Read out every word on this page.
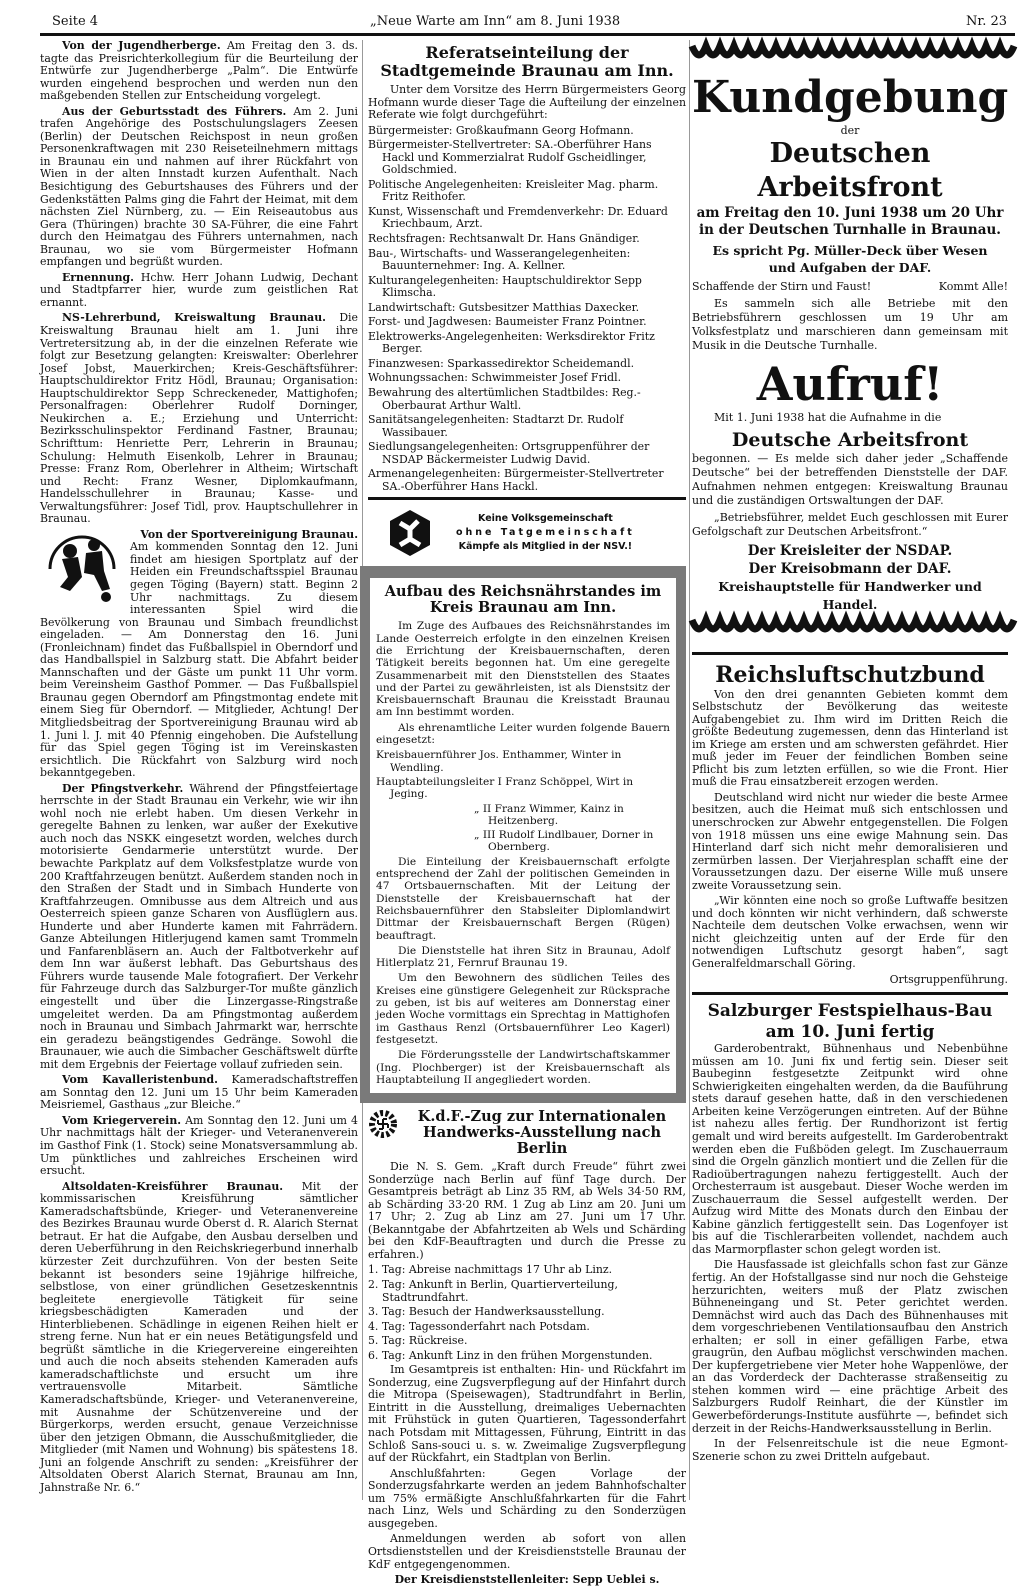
Seite 4	„Neue Warte am Inn“ am 8. Juni 1938	Nr. 23

Von der Jugendherberge. Am Freitag den 3. ds. tagte das Preisrichterkollegium für die Beurteilung der Entwürfe zur Jugendherberge „Palm“. Die Entwürfe wurden eingehend besprochen und werden nun den maßgebenden Stellen zur Entscheidung vorgelegt.

Aus der Geburtsstadt des Führers. Am 2. Juni trafen Angehörige des Postschulungslagers Zeesen (Berlin) der Deutschen Reichspost in neun großen Personenkraftwagen mit 230 Reiseteilnehmern mittags in Braunau ein und nahmen auf ihrer Rückfahrt von Wien in der alten Innstadt kurzen Aufenthalt. Nach Besichtigung des Geburtshauses des Führers und der Gedenkstätten Palms ging die Fahrt der Heimat, mit dem nächsten Ziel Nürnberg, zu. — Ein Reiseautobus aus Gera (Thüringen) brachte 30 SA-Führer, die eine Fahrt durch den Heimatgau des Führers unternahmen, nach Braunau, wo sie vom Bürgermeister Hofmann empfangen und begrüßt wurden.

Ernennung. Hchw. Herr Johann Ludwig, Dechant und Stadtpfarrer hier, wurde zum geistlichen Rat ernannt.

NS-Lehrerbund, Kreiswaltung Braunau. Die Kreiswaltung Braunau hielt am 1. Juni ihre Vertretersitzung ab, in der die einzelnen Referate wie folgt zur Besetzung gelangten: Kreiswalter: Oberlehrer Josef Jobst, Mauerkirchen; Kreis-Geschäftsführer: Hauptschuldirektor Fritz Hödl, Braunau; Organisation: Hauptschuldirektor Sepp Schreckeneder, Mattighofen; Personalfragen: Oberlehrer Rudolf Dorninger, Neukirchen a. E.; Erziehung und Unterricht: Bezirksschulinspektor Ferdinand Fastner, Braunau; Schrifttum: Henriette Perr, Lehrerin in Braunau; Schulung: Helmuth Eisenkolb, Lehrer in Braunau; Presse: Franz Rom, Oberlehrer in Altheim; Wirtschaft und Recht: Franz Wesner, Diplomkaufmann, Handelsschullehrer in Braunau; Kasse- und Verwaltungsführer: Josef Tidl, prov. Hauptschullehrer in Braunau.

Von der Sportvereinigung Braunau.

Am kommenden Sonntag den 12. Juni findet am hiesigen Sportplatz auf der Heiden ein Freundschaftsspiel Braunau gegen Töging (Bayern) statt. Beginn 2 Uhr nachmittags. Zu diesem interessanten Spiel wird die Bevölkerung von Braunau und Simbach freundlichst eingeladen. — Am Donnerstag den 16. Juni (Fronleichnam) findet das Fußballspiel in Oberndorf und das Handballspiel in Salzburg statt. Die Abfahrt beider Mannschaften und der Gäste um punkt 11 Uhr vorm. beim Vereinsheim Gasthof Pommer. — Das Fußballspiel Braunau gegen Oberndorf am Pfingstmontag endete mit einem Sieg für Oberndorf. — Mitglieder, Achtung! Der Mitgliedsbeitrag der Sportvereinigung Braunau wird ab 1. Juni l. J. mit 40 Pfennig eingehoben. Die Aufstellung für das Spiel gegen Töging ist im Vereinskasten ersichtlich. Die Rückfahrt von Salzburg wird noch bekanntgegeben.

Der Pfingstverkehr. Während der Pfingstfeiertage herrschte in der Stadt Braunau ein Verkehr, wie wir ihn wohl noch nie erlebt haben. Um diesen Verkehr in geregelte Bahnen zu lenken, war außer der Exekutive auch noch das NSKK eingesetzt worden, welches durch motorisierte Gendarmerie unterstützt wurde. Der bewachte Parkplatz auf dem Volksfestplatze wurde von 200 Kraftfahrzeugen benützt. Außerdem standen noch in den Straßen der Stadt und in Simbach Hunderte von Kraftfahrzeugen. Omnibusse aus dem Altreich und aus Oesterreich spieen ganze Scharen von Ausflüglern aus. Hunderte und aber Hunderte kamen mit Fahrrädern. Ganze Abteilungen Hitlerjugend kamen samt Trommeln und Fanfarenbläsern an. Auch der Faltbotverkehr auf dem Inn war äußerst lebhaft. Das Geburtshaus des Führers wurde tausende Male fotografiert. Der Verkehr für Fahrzeuge durch das Salzburger-Tor mußte gänzlich eingestellt und über die Linzergasse-Ringstraße umgeleitet werden. Da am Pfingstmontag außerdem noch in Braunau und Simbach Jahrmarkt war, herrschte ein geradezu beängstigendes Gedränge. Sowohl die Braunauer, wie auch die Simbacher Geschäftswelt dürfte mit dem Ergebnis der Feiertage vollauf zufrieden sein.

Vom Kavalleristenbund. Kameradschaftstreffen am Sonntag den 12. Juni um 15 Uhr beim Kameraden Meisriemel, Gasthaus „zur Bleiche.“

Vom Kriegerverein. Am Sonntag den 12. Juni um 4 Uhr nachmittags hält der Krieger- und Veteranenverein im Gasthof Fink (1. Stock) seine Monatsversammlung ab. Um pünktliches und zahlreiches Erscheinen wird ersucht.

Altsoldaten-Kreisführer Braunau. Mit der kommissarischen Kreisführung sämtlicher Kameradschaftsbünde, Krieger- und Veteranenvereine des Bezirkes Braunau wurde Oberst d. R. Alarich Sternat betraut. Er hat die Aufgabe, den Ausbau derselben und deren Ueberführung in den Reichskriegerbund innerhalb kürzester Zeit durchzuführen. Von der besten Seite bekannt ist besonders seine 19jährige hilfreiche, selbstlose, von einer gründlichen Gesetzeskenntnis begleitete energievolle Tätigkeit für seine kriegsbeschädigten Kameraden und der Hinterbliebenen. Schädlinge in eigenen Reihen hielt er streng ferne. Nun hat er ein neues Betätigungsfeld und begrüßt sämtliche in die Kriegervereine eingereihten und auch die noch abseits stehenden Kameraden aufs kameradschaftlichste und ersucht um ihre vertrauensvolle Mitarbeit. Sämtliche Kameradschaftsbünde, Krieger- und Veteranenvereine, mit Ausnahme der Schützenvereine und der Bürgerkorps, werden ersucht, genaue Verzeichnisse über den jetzigen Obmann, die Ausschußmitglieder, die Mitglieder (mit Namen und Wohnung) bis spätestens 18. Juni an folgende Anschrift zu senden: „Kreisführer der Altsoldaten Oberst Alarich Sternat, Braunau am Inn, Jahnstraße Nr. 6.“

Referatseinteilung der Stadtgemeinde Braunau am Inn.

Unter dem Vorsitze des Herrn Bürgermeisters Georg Hofmann wurde dieser Tage die Aufteilung der einzelnen Referate wie folgt durchgeführt:

Bürgermeister: Großkaufmann Georg Hofmann.

Bürgermeister-Stellvertreter: SA.-Oberführer Hans Hackl und Kommerzialrat Rudolf Gscheidlinger, Goldschmied.

Politische Angelegenheiten: Kreisleiter Mag. pharm. Fritz Reithofer.

Kunst, Wissenschaft und Fremdenverkehr: Dr. Eduard Kriechbaum, Arzt.

Rechtsfragen: Rechtsanwalt Dr. Hans Gnändiger.

Bau-, Wirtschafts- und Wasserangelegenheiten: Bauunternehmer: Ing. A. Kellner.

Kulturangelegenheiten: Hauptschuldirektor Sepp Klimscha.

Landwirtschaft: Gutsbesitzer Matthias Daxecker.

Forst- und Jagdwesen: Baumeister Franz Pointner.

Elektrowerks-Angelegenheiten: Werksdirektor Fritz Berger.

Finanzwesen: Sparkassedirektor Scheidemandl.

Wohnungssachen: Schwimmeister Josef Fridl.

Bewahrung des altertümlichen Stadtbildes: Reg.-Oberbaurat Arthur Waltl.

Sanitätsangelegenheiten: Stadtarzt Dr. Rudolf Wassibauer.

Siedlungsangelegenheiten: Ortsgruppenführer der NSDAP Bäckermeister Ludwig David.

Armenangelegenheiten: Bürgermeister-Stellvertreter SA.-Oberführer Hans Hackl.

Keine Volksgemeinschaft
ohne Tatgemeinschaft
Kämpfe als Mitglied in der NSV.!
Aufbau des Reichsnährstandes im Kreis Braunau am Inn.

Im Zuge des Aufbaues des Reichsnährstandes im Lande Oesterreich erfolgte in den einzelnen Kreisen die Errichtung der Kreisbauernschaften, deren Tätigkeit bereits begonnen hat. Um eine geregelte Zusammenarbeit mit den Dienststellen des Staates und der Partei zu gewährleisten, ist als Dienstsitz der Kreisbauernschaft Braunau die Kreisstadt Braunau am Inn bestimmt worden.

Als ehrenamtliche Leiter wurden folgende Bauern eingesetzt:

Kreisbauernführer Jos. Enthammer, Winter in Wendling.

Hauptabteilungsleiter I Franz Schöppel, Wirt in Jeging.

„ II Franz Wimmer, Kainz in Heitzenberg.

„ III Rudolf Lindlbauer, Dorner in Obernberg.

Die Einteilung der Kreisbauernschaft erfolgte entsprechend der Zahl der politischen Gemeinden in 47 Ortsbauernschaften. Mit der Leitung der Dienststelle der Kreisbauernschaft hat der Reichsbauernführer den Stabsleiter Diplomlandwirt Dittmar der Kreisbauernschaft Bergen (Rügen) beauftragt.

Die Dienststelle hat ihren Sitz in Braunau, Adolf Hitlerplatz 21, Fernruf Braunau 19.

Um den Bewohnern des südlichen Teiles des Kreises eine günstigere Gelegenheit zur Rücksprache zu geben, ist bis auf weiteres am Donnerstag einer jeden Woche vormittags ein Sprechtag in Mattighofen im Gasthaus Renzl (Ortsbauernführer Leo Kagerl) festgesetzt.

Die Förderungsstelle der Landwirtschaftskammer (Ing. Plochberger) ist der Kreisbauernschaft als Hauptabteilung II angegliedert worden.

K.d.F.-Zug zur Internationalen Handwerks-Ausstellung nach Berlin

Die N. S. Gem. „Kraft durch Freude“ führt zwei Sonderzüge nach Berlin auf fünf Tage durch. Der Gesamtpreis beträgt ab Linz 35 RM, ab Wels 34·50 RM, ab Schärding 33·20 RM. 1 Zug ab Linz am 20. Juni um 17 Uhr; 2. Zug ab Linz am 27. Juni um 17 Uhr. (Bekanntgabe der Abfahrtzeiten ab Wels und Schärding bei den KdF-Beauftragten und durch die Presse zu erfahren.)

1. Tag: Abreise nachmittags 17 Uhr ab Linz.

2. Tag: Ankunft in Berlin, Quartierverteilung, Stadtrundfahrt.

3. Tag: Besuch der Handwerksausstellung.

4. Tag: Tagessonderfahrt nach Potsdam.

5. Tag: Rückreise.

6. Tag: Ankunft Linz in den frühen Morgenstunden.

Im Gesamtpreis ist enthalten: Hin- und Rückfahrt im Sonderzug, eine Zugsverpflegung auf der Hinfahrt durch die Mitropa (Speisewagen), Stadtrundfahrt in Berlin, Eintritt in die Ausstellung, dreimaliges Uebernachten mit Frühstück in guten Quartieren, Tagessonderfahrt nach Potsdam mit Mittagessen, Führung, Eintritt in das Schloß Sans-souci u. s. w. Zweimalige Zugsverpflegung auf der Rückfahrt, ein Stadtplan von Berlin.

Anschlußfahrten: Gegen Vorlage der Sonderzugsfahrkarte werden an jedem Bahnhofschalter um 75% ermäßigte Anschlußfahrkarten für die Fahrt nach Linz, Wels und Schärding zu den Sonderzügen ausgegeben.

Anmeldungen werden ab sofort von allen Ortsdienststellen und der Kreisdienststelle Braunau der KdF entgegengenommen.

Der Kreisdienststellenleiter: Sepp Ueblei s.

Kundgebung
der
Deutschen Arbeitsfront
am Freitag den 10. Juni 1938 um 20 Uhr in der Deutschen Turnhalle in Braunau.
Es spricht Pg. Müller-Deck über Wesen und Aufgaben der DAF.
Schaffende der Stirn und Faust!	Kommt Alle!

Es sammeln sich alle Betriebe mit den Betriebsführern geschlossen um 19 Uhr am Volksfestplatz und marschieren dann gemeinsam mit Musik in die Deutsche Turnhalle.

Aufruf!

Mit 1. Juni 1938 hat die Aufnahme in die

Deutsche Arbeitsfront

begonnen. — Es melde sich daher jeder „Schaffende Deutsche“ bei der betreffenden Dienststelle der DAF. Aufnahmen nehmen entgegen: Kreiswaltung Braunau und die zuständigen Ortswaltungen der DAF.

„Betriebsführer, meldet Euch geschlossen mit Eurer Gefolgschaft zur Deutschen Arbeitsfront.“

Der Kreisleiter der NSDAP.
Der Kreisobmann der DAF.
Kreishauptstelle für Handwerker und Handel.
Reichsluftschutzbund

Von den drei genannten Gebieten kommt dem Selbstschutz der Bevölkerung das weiteste Aufgabengebiet zu. Ihm wird im Dritten Reich die größte Bedeutung zugemessen, denn das Hinterland ist im Kriege am ersten und am schwersten gefährdet. Hier muß jeder im Feuer der feindlichen Bomben seine Pflicht bis zum letzten erfüllen, so wie die Front. Hier muß die Frau einsatzbereit erzogen werden.

Deutschland wird nicht nur wieder die beste Armee besitzen, auch die Heimat muß sich entschlossen und unerschrocken zur Abwehr entgegenstellen. Die Folgen von 1918 müssen uns eine ewige Mahnung sein. Das Hinterland darf sich nicht mehr demoralisieren und zermürben lassen. Der Vierjahresplan schafft eine der Voraussetzungen dazu. Der eiserne Wille muß unsere zweite Voraussetzung sein.

„Wir könnten eine noch so große Luftwaffe besitzen und doch könnten wir nicht verhindern, daß schwerste Nachteile dem deutschen Volke erwachsen, wenn wir nicht gleichzeitig unten auf der Erde für den notwendigen Luftschutz gesorgt haben“, sagt Generalfeldmarschall Göring.

Ortsgruppenführung.

Salzburger Festspielhaus-Bau am 10. Juni fertig

Garderobentrakt, Bühnenhaus und Nebenbühne müssen am 10. Juni fix und fertig sein. Dieser seit Baubeginn festgesetzte Zeitpunkt wird ohne Schwierigkeiten eingehalten werden, da die Bauführung stets darauf gesehen hatte, daß in den verschiedenen Arbeiten keine Verzögerungen eintreten. Auf der Bühne ist nahezu alles fertig. Der Rundhorizont ist fertig gemalt und wird bereits aufgestellt. Im Garderobentrakt werden eben die Fußböden gelegt. Im Zuschauerraum sind die Orgeln gänzlich montiert und die Zellen für die Radioübertragungen nahezu fertiggestellt. Auch der Orchesterraum ist ausgebaut. Dieser Woche werden im Zuschauerraum die Sessel aufgestellt werden. Der Aufzug wird Mitte des Monats durch den Einbau der Kabine gänzlich fertiggestellt sein. Das Logenfoyer ist bis auf die Tischlerarbeiten vollendet, nachdem auch das Marmorpflaster schon gelegt worden ist.

Die Hausfassade ist gleichfalls schon fast zur Gänze fertig. An der Hofstallgasse sind nur noch die Gehsteige herzurichten, weiters muß der Platz zwischen Bühneneingang und St. Peter gerichtet werden. Demnächst wird auch das Dach des Bühnenhauses mit dem vorgeschriebenen Ventilationsaufbau den Anstrich erhalten; er soll in einer gefälligen Farbe, etwa graugrün, den Aufbau möglichst verschwinden machen. Der kupfergetriebene vier Meter hohe Wappenlöwe, der an das Vorderdeck der Dachterasse straßenseitig zu stehen kommen wird — eine prächtige Arbeit des Salzburgers Rudolf Reinhart, die der Künstler im Gewerbeförderungs-Institute ausführte —, befindet sich derzeit in der Reichs-Handwerksausstellung in Berlin.

In der Felsenreitschule ist die neue Egmont-Szenerie schon zu zwei Dritteln aufgebaut.
